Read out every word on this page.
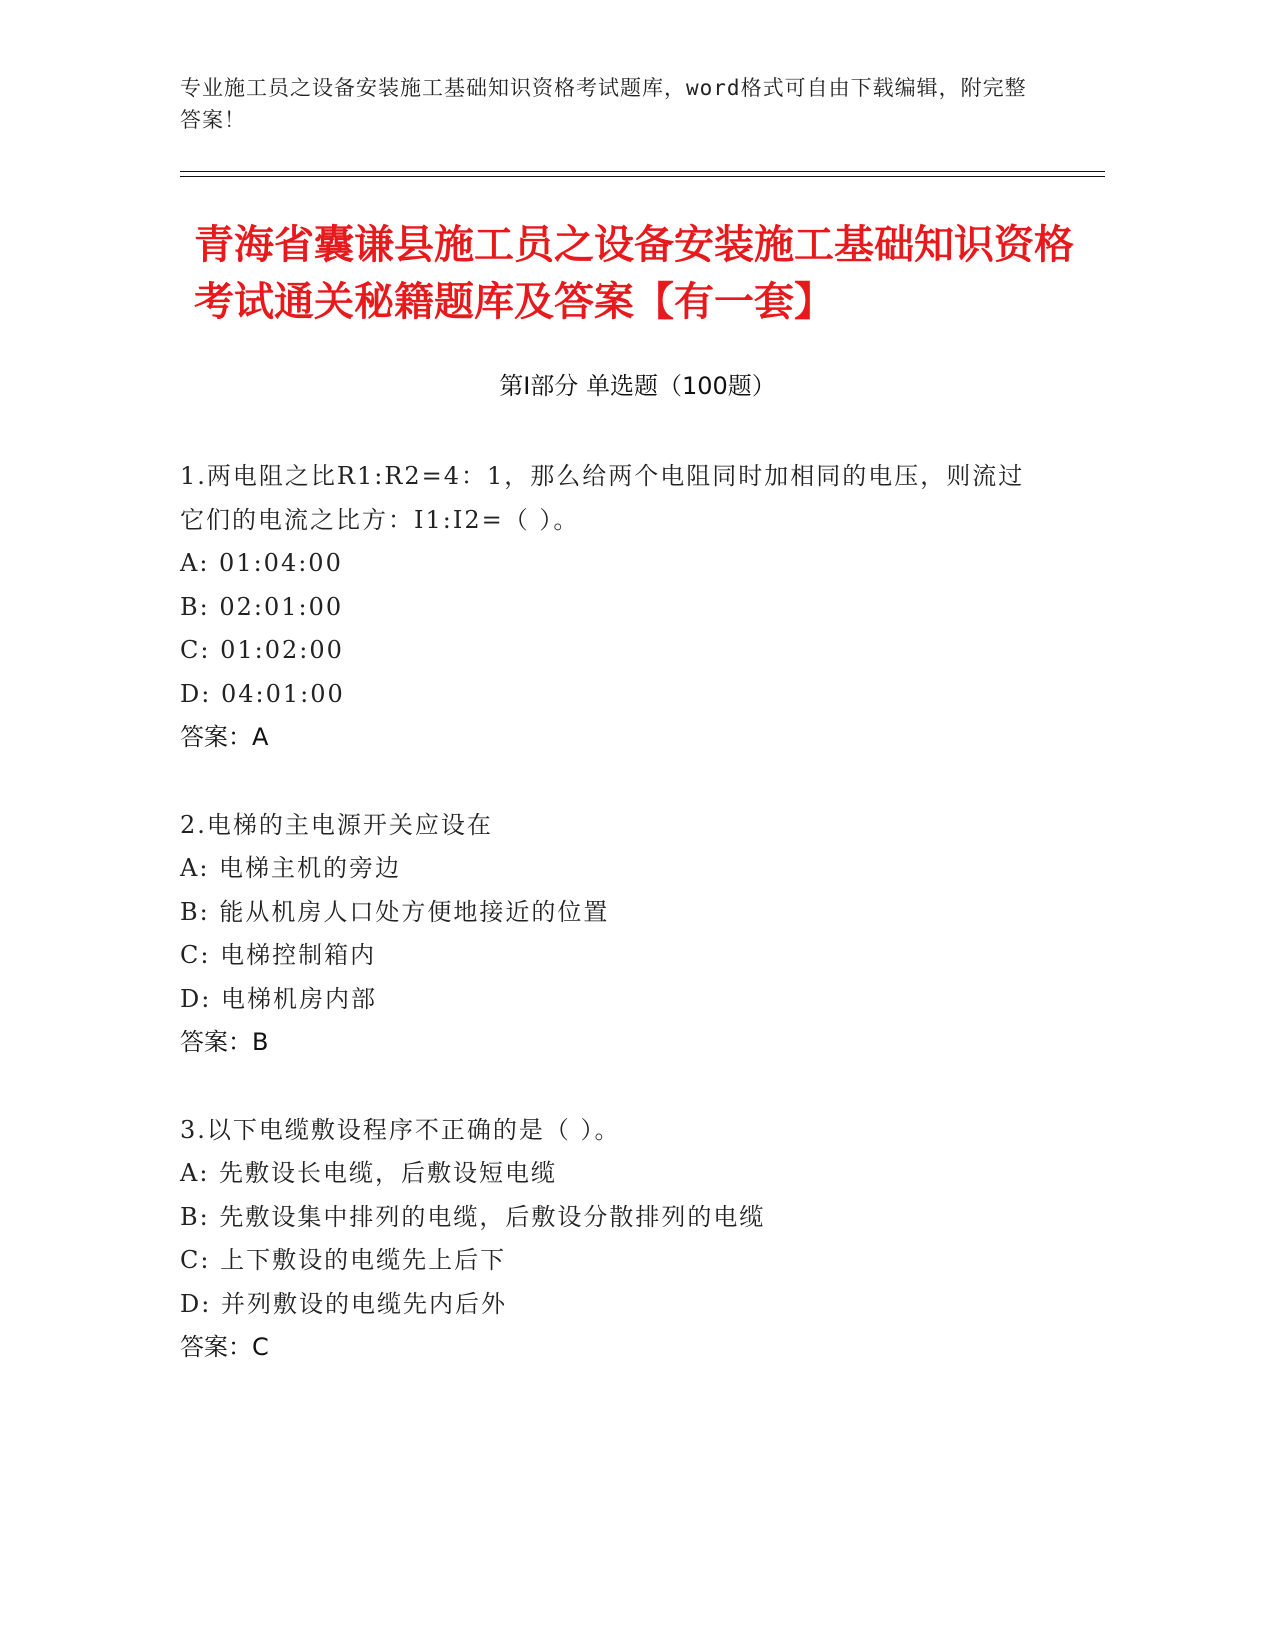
专业施工员之设备安装施工基础知识资格考试题库，word格式可自由下载编辑，附完整答案！
青海省囊谦县施工员之设备安装施工基础知识资格考试通关秘籍题库及答案【有一套】
第Ⅰ部分 单选题（100题）
1.两电阻之比R1:R2=4：1，那么给两个电阻同时加相同的电压，则流过它们的电流之比方：I1:I2=（ ）。
A: 01:04:00
B: 02:01:00
C: 01:02:00
D: 04:01:00
答案：A
2.电梯的主电源开关应设在
A: 电梯主机的旁边
B: 能从机房人口处方便地接近的位置
C: 电梯控制箱内
D: 电梯机房内部
答案：B
3.以下电缆敷设程序不正确的是（ ）。
A: 先敷设长电缆，后敷设短电缆
B: 先敷设集中排列的电缆，后敷设分散排列的电缆
C: 上下敷设的电缆先上后下
D: 并列敷设的电缆先内后外
答案：C
